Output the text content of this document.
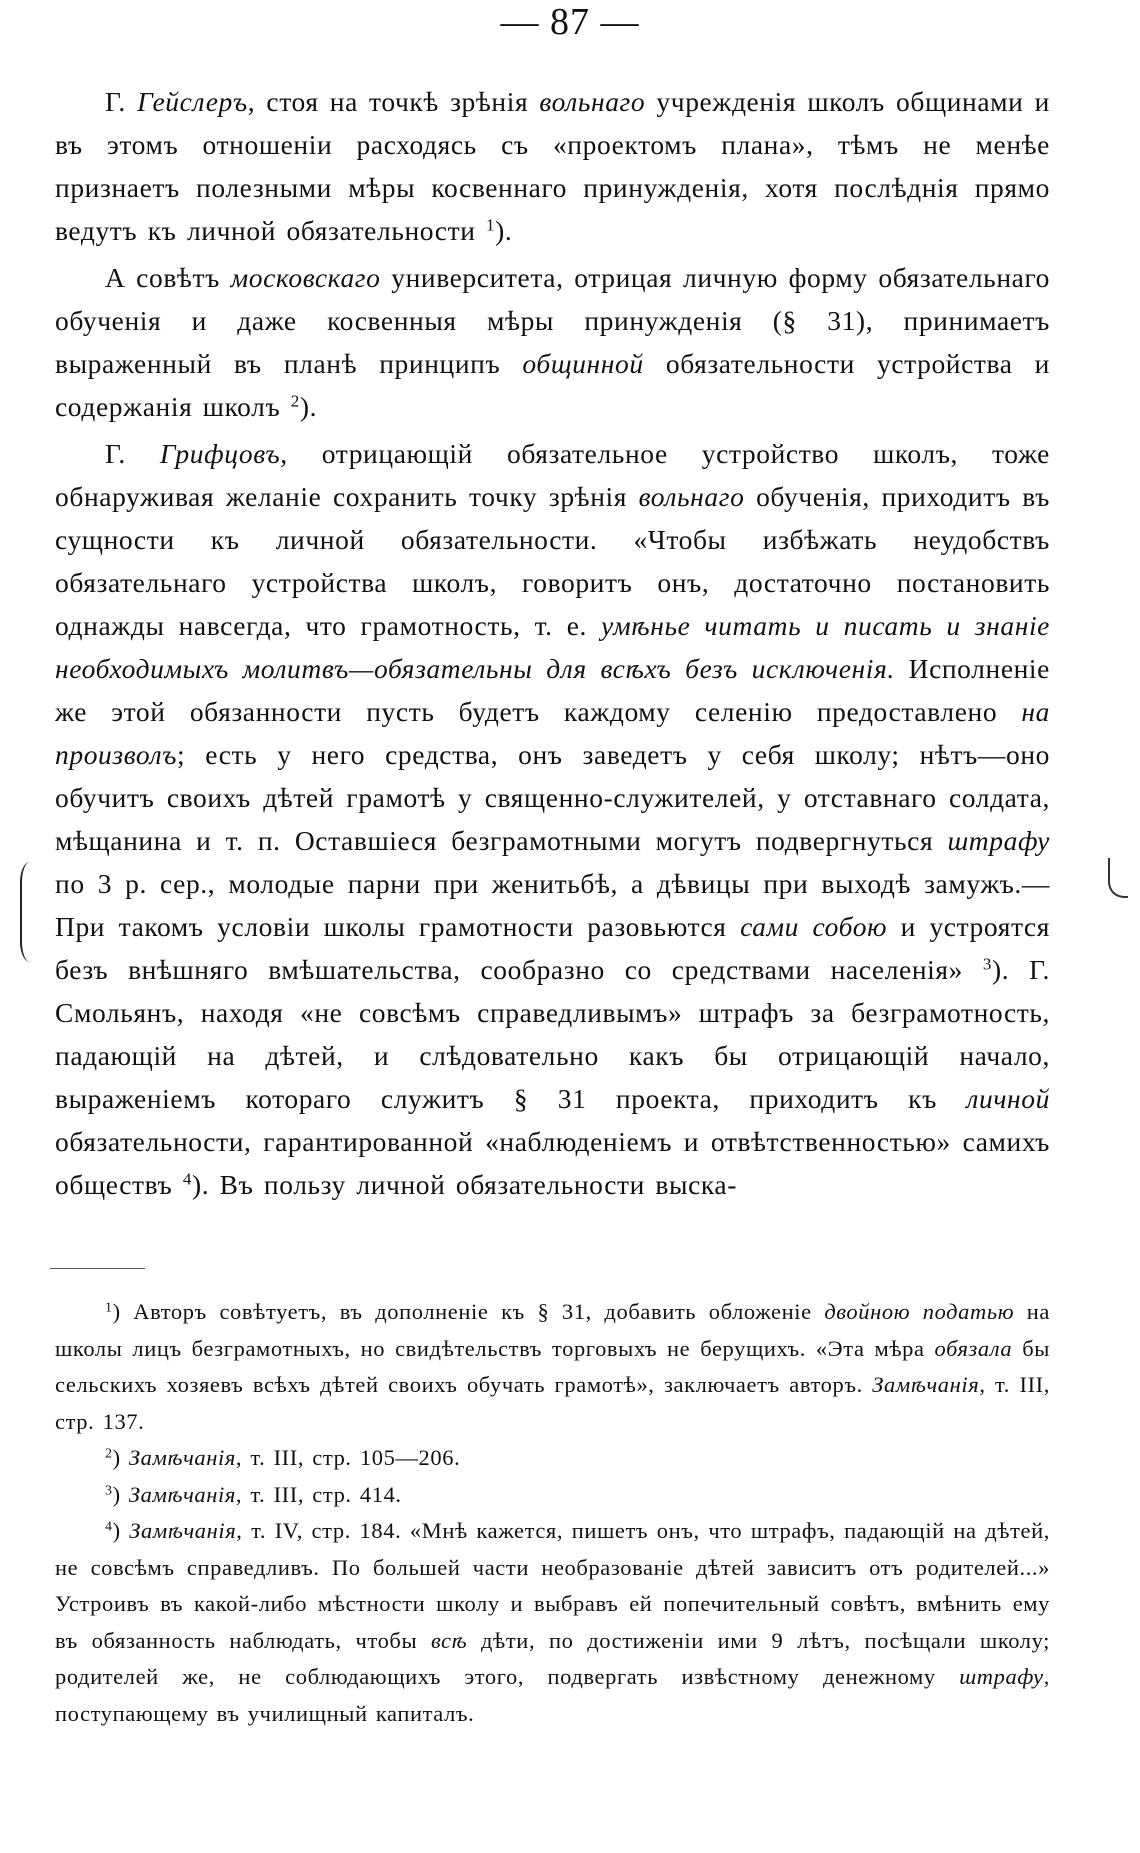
— 87 —

Г. Гейслеръ, стоя на точкѣ зрѣнія вольнаго учрежденія школъ общинами и въ этомъ отношеніи расходясь съ «проектомъ плана», тѣмъ не менѣе признаетъ полезными мѣры косвеннаго принужденія, хотя послѣднія прямо ведутъ къ личной обязательности $^1$).

А совѣтъ московскаго университета, отрицая личную форму обязательнаго обученія и даже косвенныя мѣры принужденія (§ 31), принимаетъ выраженный въ планѣ принципъ общинной обязательности устройства и содержанія школъ $^2$).

Г. Грифцовъ, отрицающій обязательное устройство школъ, тоже обнаруживая желаніе сохранить точку зрѣнія вольнаго обученія, приходитъ въ сущности къ личной обязательности. «Чтобы избѣжать неудобствъ обязательнаго устройства школъ, говоритъ онъ, достаточно постановить однажды навсегда, что грамотность, т. е. умѣнье читать и писать и знаніе необходимыхъ молитвъ—обязательны для всѣхъ безъ исключенія. Исполненіе же этой обязанности пусть будетъ каждому селенію предоставлено на произволъ; есть у него средства, онъ заведетъ у себя школу; нѣтъ—оно обучитъ своихъ дѣтей грамотѣ у священно-служителей, у отставнаго солдата, мѣщанина и т. п. Оставшіеся безграмотными могутъ подвергнуться штрафу по 3 р. сер., молодые парни при женитьбѣ, а дѣвицы при выходѣ замужъ.—При такомъ условіи школы грамотности разовьются сами собою и устроятся безъ внѣшняго вмѣшательства, сообразно со средствами населенія» $^3$). Г. Смольянъ, находя «не совсѣмъ справедливымъ» штрафъ за безграмотность, падающій на дѣтей, и слѣдовательно какъ бы отрицающій начало, выраженіемъ котораго служитъ § 31 проекта, приходитъ къ личной обязательности, гарантированной «наблюденіемъ и отвѣтственностью» самихъ обществъ $^4$). Въ пользу личной обязательности выска-

$^1$) Авторъ совѣтуетъ, въ дополненіе къ § 31, добавить обложеніе двойною податью на школы лицъ безграмотныхъ, но свидѣтельствъ торговыхъ не берущихъ. «Эта мѣра обязала бы сельскихъ хозяевъ всѣхъ дѣтей своихъ обучать грамотѣ», заключаетъ авторъ. Замѣчанія, т. III, стр. 137.

$^2$) Замѣчанія, т. III, стр. 105—206.

$^3$) Замѣчанія, т. III, стр. 414.

$^4$) Замѣчанія, т. IV, стр. 184. «Мнѣ кажется, пишетъ онъ, что штрафъ, падающій на дѣтей, не совсѣмъ справедливъ. По большей части необразованіе дѣтей зависитъ отъ родителей...» Устроивъ въ какой-либо мѣстности школу и выбравъ ей попечительный совѣтъ, вмѣнить ему въ обязанность наблюдать, чтобы всѣ дѣти, по достиженіи ими 9 лѣтъ, посѣщали школу; родителей же, не соблюдающихъ этого, подвергать извѣстному денежному штрафу, поступающему въ училищный капиталъ.
